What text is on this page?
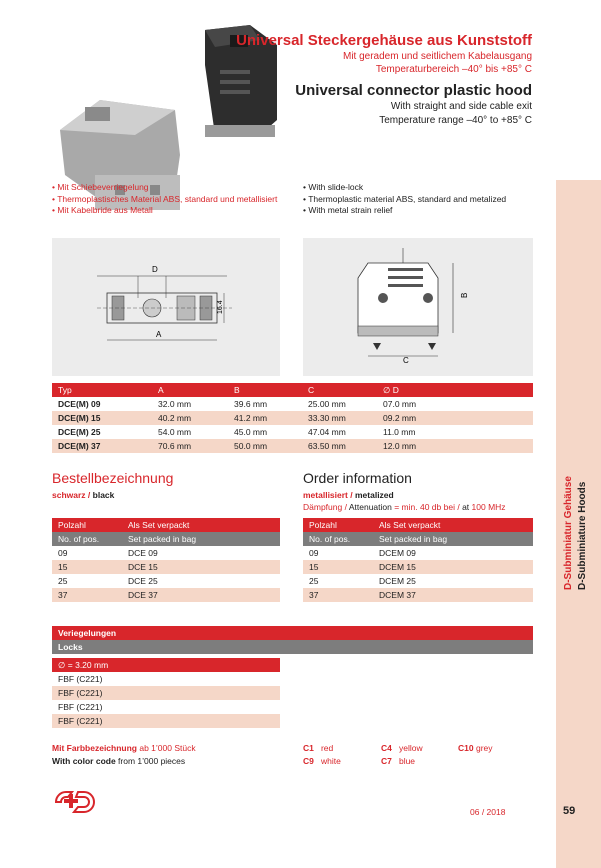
Universal Steckergehäuse aus Kunststoff
Mit geradem und seitlichem Kabelausgang
Temperaturbereich –40° bis +85° C
Universal connector plastic hood
With straight and side cable exit
Temperature range –40° to +85° C
• Mit Schiebeverriegelung
• Thermoplastisches Material ABS, standard und metallisiert
• Mit Kabelbride aus Metall
• With slide-lock
• Thermoplastic material ABS, standard and metalized
• With metal strain relief
D
16.4
A
B
C
Typ	A	B	C	∅ D
DCE(M) 09	32.0 mm	39.6 mm	25.00 mm	07.0 mm
DCE(M) 15	40.2 mm	41.2 mm	33.30 mm	09.2 mm
DCE(M) 25	54.0 mm	45.0 mm	47.04 mm	11.0 mm
DCE(M) 37	70.6 mm	50.0 mm	63.50 mm	12.0 mm
Bestellbezeichnung
schwarz / black
Polzahl	Als Set verpackt
No. of pos.	Set packed in bag
09	DCE 09
15	DCE 15
25	DCE 25
37	DCE 37
Order information
metallisiert / metalized
Dämpfung / Attenuation = min. 40 db bei / at 100 MHz
Polzahl	Als Set verpackt
No. of pos.	Set packed in bag
09	DCEM 09
15	DCEM 15
25	DCEM 25
37	DCEM 37
Veriegelungen
Locks
∅ = 3.20 mm
FBF (C221)
FBF (C221)
FBF (C221)
FBF (C221)
Mit Farbbezeichnung ab 1’000 Stück
With color code from 1’000 pieces
C1 red	C4 yellow	C10 grey
C9 white	C7 blue
06 / 2018
D-Subminiatur Gehäuse D-Subminiature Hoods
59
